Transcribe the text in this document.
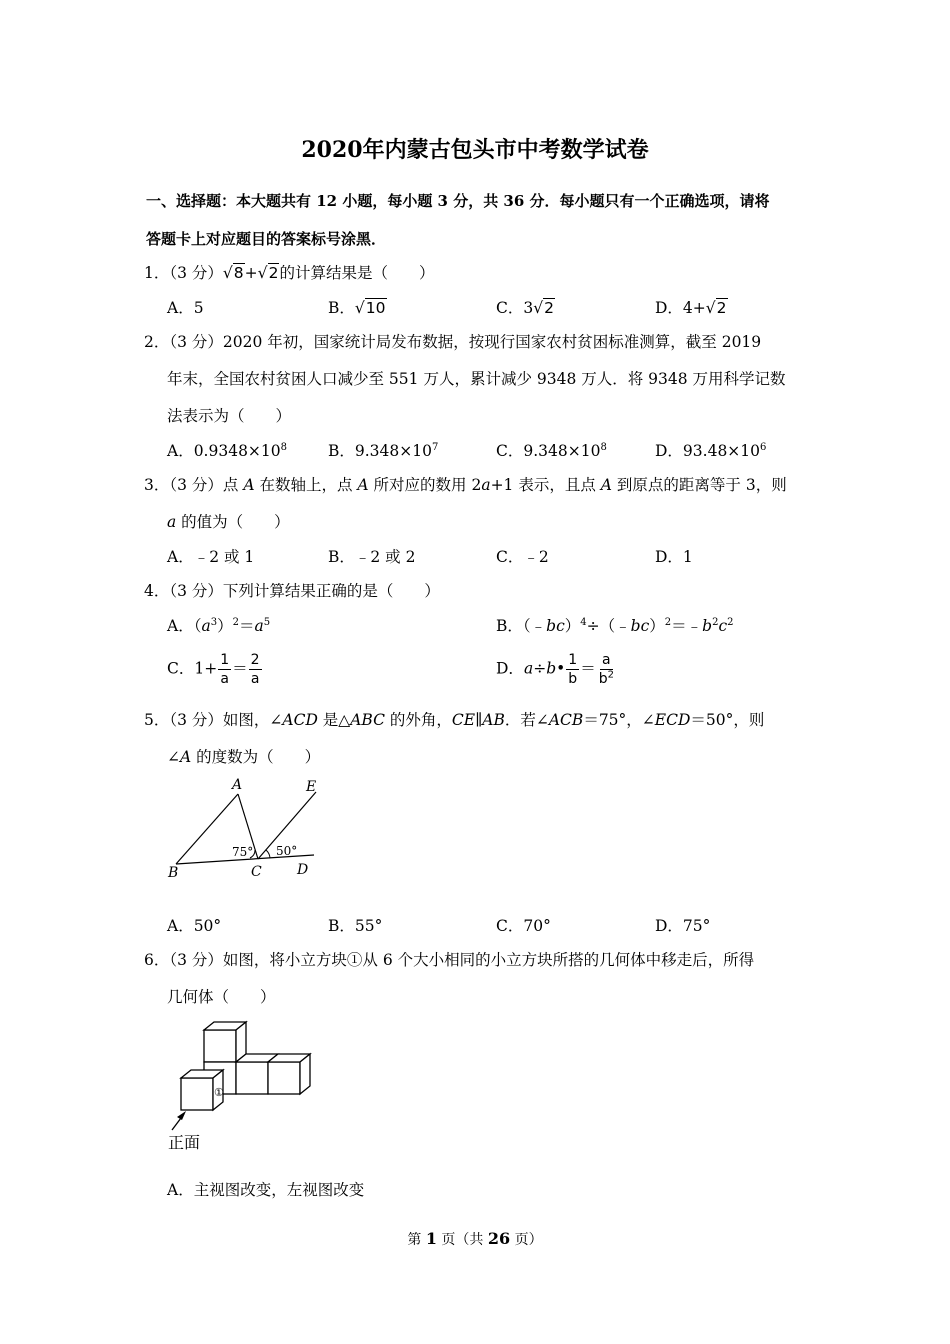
2020年内蒙古包头市中考数学试卷
一、选择题：本大题共有 12 小题，每小题 3 分，共 36 分．每小题只有一个正确选项，请将
答题卡上对应题目的答案标号涂黑．
1．（3 分）√8+√2的计算结果是（　　）
A．5	B．√10	C．3√2	D．4+√2
2．（3 分）2020 年初，国家统计局发布数据，按现行国家农村贫困标准测算，截至 2019
年末，全国农村贫困人口减少至 551 万人，累计减少 9348 万人．将 9348 万用科学记数
法表示为（　　）
A．$0.9348\times 10^8$	B．$9.348\times 10^7$	C．$9.348\times 10^8$	D．$93.48\times 10^6$
3．（3 分）点 A 在数轴上，点 A 所对应的数用 2a+1 表示，且点 A 到原点的距离等于 3，则
a 的值为（　　）
A．﹣2 或 1	B．﹣2 或 2	C．﹣2	D．1
4．（3 分）下列计算结果正确的是（　　）
A．$(a^3)^2=a^5$	B．$(﹣bc)^4\div(﹣bc)^2=﹣b^2c^2$
C．$1+ \frac{1}{a} = \frac{2}{a}$	D．a÷b• $\frac{1}{b} = \frac{a}{b^2}$
5．（3 分）如图，∠ACD 是△ABC 的外角，CE∥AB．若∠ACB＝75°，∠ECD＝50°，则
∠A 的度数为（　　）
A
B	C	D
E
75° 50°
A．50°	B．55°	C．70°	D．75°
6．（3 分）如图，将小立方块①从 6 个大小相同的小立方块所搭的几何体中移走后，所得
几何体（　　）
①
正面
A．主视图改变，左视图改变
第 1 页（共 26 页）
